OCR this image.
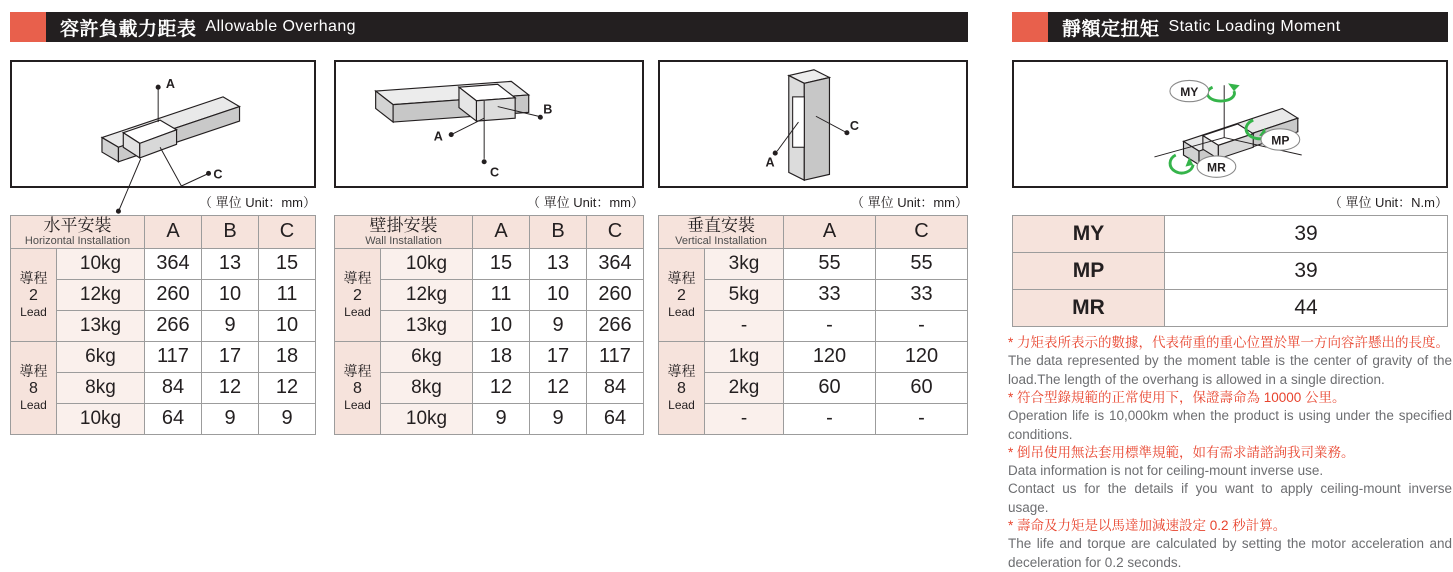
容許負載力距表 Allowable Overhang	靜額定扭矩 Static Loading Moment
A
C
A
B
C
A
C
MY
MP
MR
（ 單位 Unit：mm）	（ 單位 Unit：mm）	（ 單位 Unit：mm）	（ 單位 Unit：N.m）
水平安裝
Horizontal Installation		A	B	C
導程
2
Lead	10kg	364	13	15
	12kg	260	10	11
	13kg	266	9	10
導程
8
Lead	6kg	117	17	18
	8kg	84	12	12
	10kg	64	9	9
壁掛安裝
Wall Installation		A	B	C
導程
2
Lead	10kg	15	13	364
	12kg	11	10	260
	13kg	10	9	266
導程
8
Lead	6kg	18	17	117
	8kg	12	12	84
	10kg	9	9	64
垂直安裝
Vertical Installation		A	C
導程
2
Lead	3kg	55	55
	5kg	33	33
	-	-	-
導程
8
Lead	1kg	120	120
	2kg	60	60
	-	-	-
MY	39
MP	39
MR	44
* 力矩表所表示的數據，代表荷重的重心位置於單一方向容許懸出的長度。
The data represented by the moment table is the center of gravity of the load.The length of the overhang is allowed in a single direction.
* 符合型錄規範的正常使用下，保證壽命為 10000 公里。
Operation life is 10,000km when the product is using under the specified conditions.
* 倒吊使用無法套用標準規範，如有需求請諮詢我司業務。
Data information is not for ceiling-mount inverse use.
Contact us for the details if you want to apply ceiling-mount inverse usage.
* 壽命及力矩是以馬達加減速設定 0.2 秒計算。
The life and torque are calculated by setting the motor acceleration and deceleration for 0.2 seconds.
